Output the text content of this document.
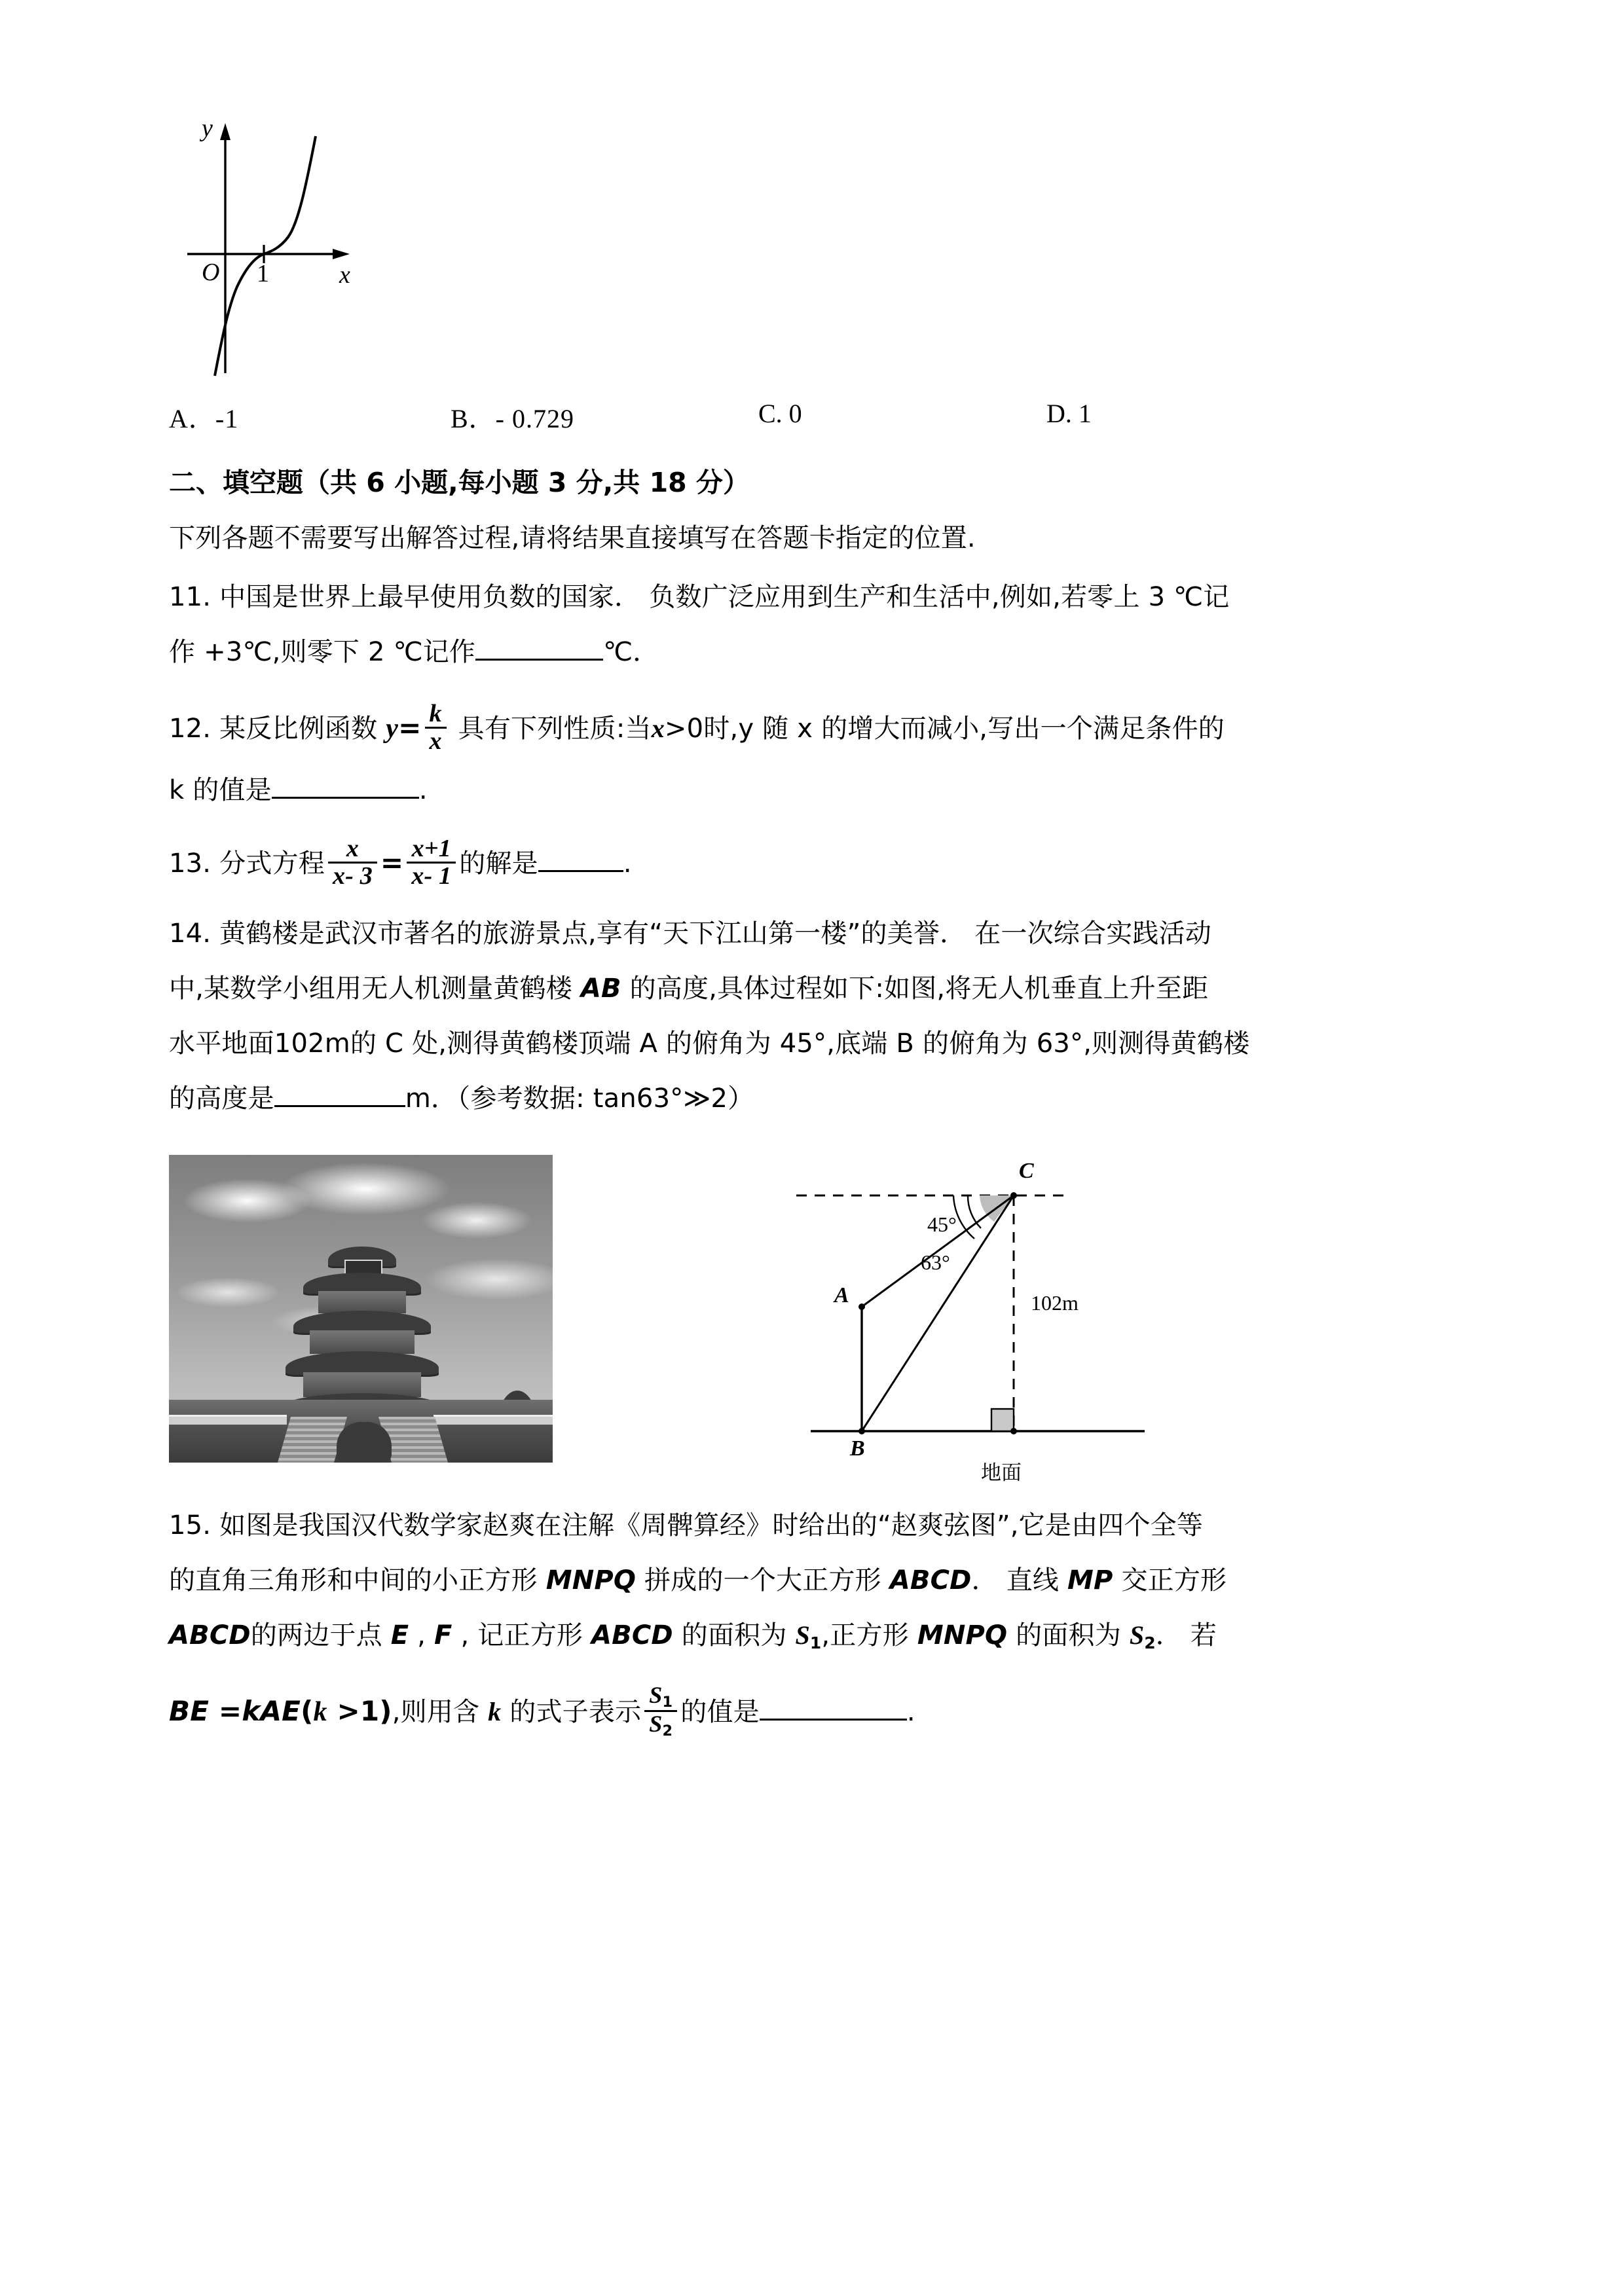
y
x
O 1
A．-1	B．- 0.729	C. 0	D. 1
二、填空题（共 6 小题,每小题 3 分,共 18 分）
下列各题不需要写出解答过程,请将结果直接填写在答题卡指定的位置.
11. 中国是世界上最早使用负数的国家． 负数广泛应用到生产和生活中,例如,若零上 3 ℃记
作 +3℃,则零下 2 ℃记作	℃．
12. 某反比例函数 $y= \frac{k}{x}$ 具有下列性质:当x>0时,y 随 x 的增大而减小,写出一个满足条件的
k 的值是	.
13. 分式方程 $\frac{x}{x- 3} = \frac{x+1}{x- 1}$ 的解是	.
14. 黄鹤楼是武汉市著名的旅游景点,享有“天下江山第一楼”的美誉． 在一次综合实践活动
中,某数学小组用无人机测量黄鹤楼 AB 的高度,具体过程如下:如图,将无人机垂直上升至距
水平地面102m的 C 处,测得黄鹤楼顶端 A 的俯角为 45°,底端 B 的俯角为 63°,则测得黄鹤楼
的高度是	m．（参考数据: tan63°≫2）
C
A
B
45°
63°
102m
地面
15. 如图是我国汉代数学家赵爽在注解《周髀算经》时给出的“赵爽弦图”,它是由四个全等
的直角三角形和中间的小正方形 MNPQ 拼成的一个大正方形 ABCD． 直线 MP 交正方形
ABCD的两边于点 E , F , 记正方形 ABCD 的面积为 $S_1$,正方形 MNPQ 的面积为 $S_2$． 若
BE =kAE(k >1),则用含 k 的式子表示 $\frac{S_1}{S_2}$ 的值是	.
